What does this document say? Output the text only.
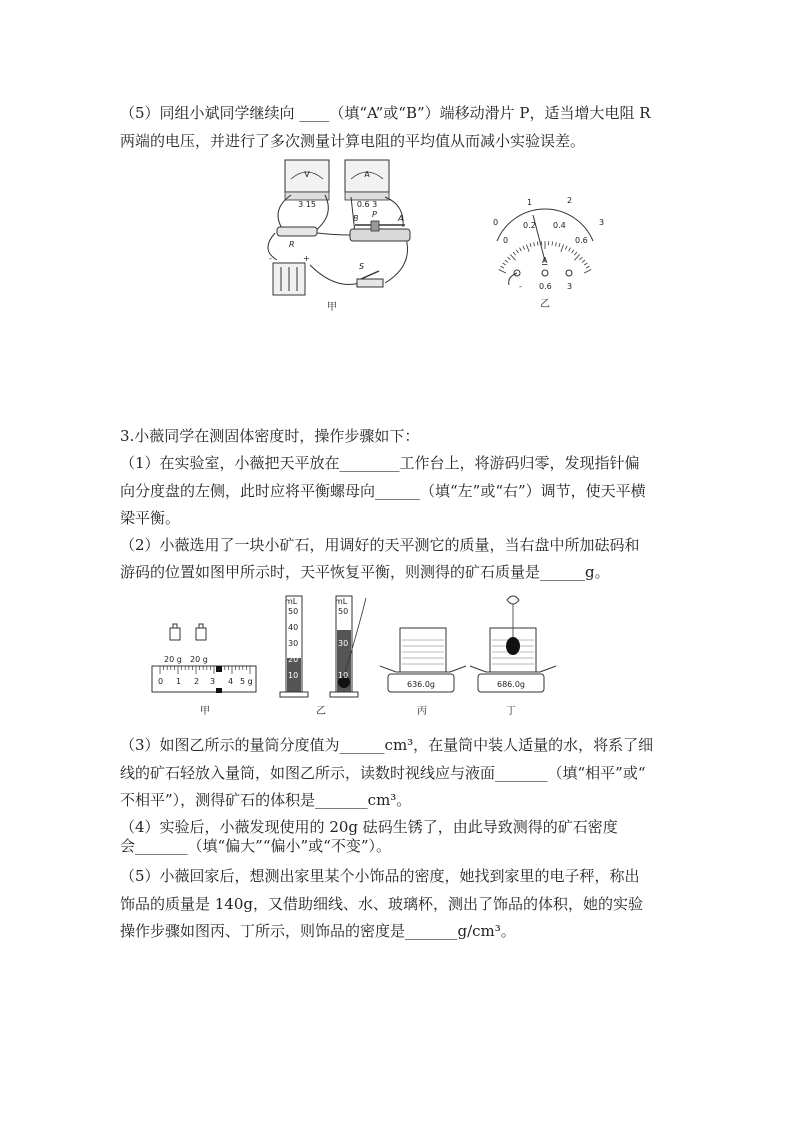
（5）同组小斌同学继续向 ____（填“A”或“B”）端移动滑片 P，适当增大电阻 R
两端的电压，并进行了多次测量计算电阻的平均值从而减小实验误差。
V
3 15
A
0.6 3
R
B P	A
-	+
S
甲
0
1	2
3
0
0.2 0.4
0.6
A
- 0.6 3
乙
3.小薇同学在测固体密度时，操作步骤如下：
（1）在实验室，小薇把天平放在________工作台上，将游码归零，发现指针偏
向分度盘的左侧，此时应将平衡螺母向______（填“左”或“右”）调节，使天平横
梁平衡。
（2）小薇选用了一块小矿石，用调好的天平测它的质量，当右盘中所加砝码和
游码的位置如图甲所示时，天平恢复平衡，则测得的矿石质量是______g。
20 g 20 g
0 1 2 3 4 5 g
甲
mL
50
40
30
20
10
mL
50
30
10
乙
636.0g
丙
686.0g
丁
（3）如图乙所示的量筒分度值为______cm³，在量筒中装人适量的水，将系了细
线的矿石轻放入量筒，如图乙所示，读数时视线应与液面_______（填“相平”或“
不相平”），测得矿石的体积是_______cm³。
（4）实验后，小薇发现使用的 20g 砝码生锈了，由此导致测得的矿石密度
会_______（填“偏大”“偏小”或“不变”）。
（5）小薇回家后，想测出家里某个小饰品的密度，她找到家里的电子秤，称出
饰品的质量是 140g，又借助细线、水、玻璃杯，测出了饰品的体积，她的实验
操作步骤如图丙、丁所示，则饰品的密度是_______g/cm³。
